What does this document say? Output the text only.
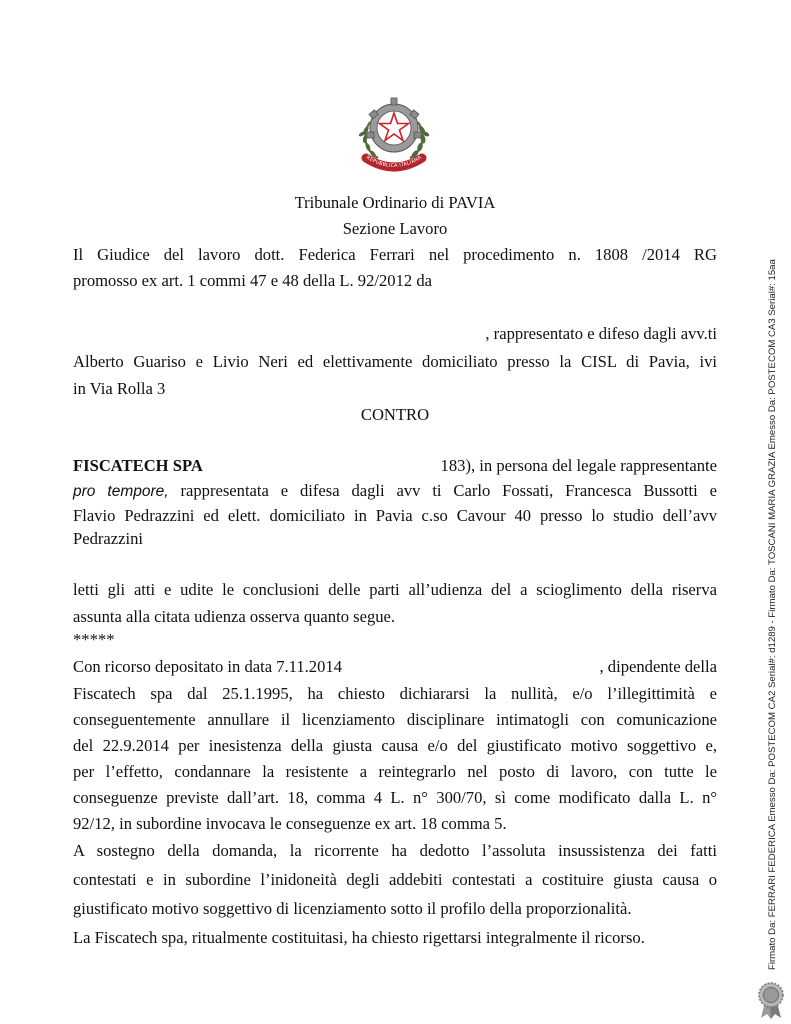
REPUBBLICA ITALIANA
Tribunale Ordinario di PAVIA
Sezione Lavoro
Il Giudice del lavoro dott. Federica Ferrari nel procedimento n. 1808 /2014 RG
promosso ex art. 1 commi 47 e 48 della L. 92/2012 da
, rappresentato e difeso dagli avv.ti
Alberto Guariso e Livio Neri ed elettivamente domiciliato presso la CISL di Pavia, ivi
in Via Rolla 3
CONTRO
FISCATECH SPA	183), in persona del legale rappresentante
pro tempore, rappresentata e difesa dagli avv ti Carlo Fossati, Francesca Bussotti e
Flavio Pedrazzini ed elett. domiciliato in Pavia c.so Cavour 40 presso lo studio dell’avv
Pedrazzini
letti gli atti e udite le conclusioni delle parti all’udienza del a scioglimento della riserva
assunta alla citata udienza osserva quanto segue.
*****
Con ricorso depositato in data 7.11.2014	, dipendente della
Fiscatech spa dal 25.1.1995, ha chiesto dichiararsi la nullità, e/o l’illegittimità e
conseguentemente annullare il licenziamento disciplinare intimatogli con comunicazione
del 22.9.2014 per inesistenza della giusta causa e/o del giustificato motivo soggettivo e,
per l’effetto, condannare la resistente a reintegrarlo nel posto di lavoro, con tutte le
conseguenze previste dall’art. 18, comma 4 L. n° 300/70, sì come modificato dalla L. n°
92/12, in subordine invocava le conseguenze ex art. 18 comma 5.
A sostegno della domanda, la ricorrente ha dedotto l’assoluta insussistenza dei fatti
contestati e in subordine l’inidoneità degli addebiti contestati a costituire giusta causa o
giustificato motivo soggettivo di licenziamento sotto il profilo della proporzionalità.
La Fiscatech spa, ritualmente costituitasi, ha chiesto rigettarsi integralmente il ricorso.	Firmato Da: FERRARI FEDERICA Emesso Da: POSTECOM CA2 Serial#: d1289 - Firmato Da: TOSCANI MARIA GRAZIA Emesso Da: POSTECOM CA3 Serial#: 15aa
